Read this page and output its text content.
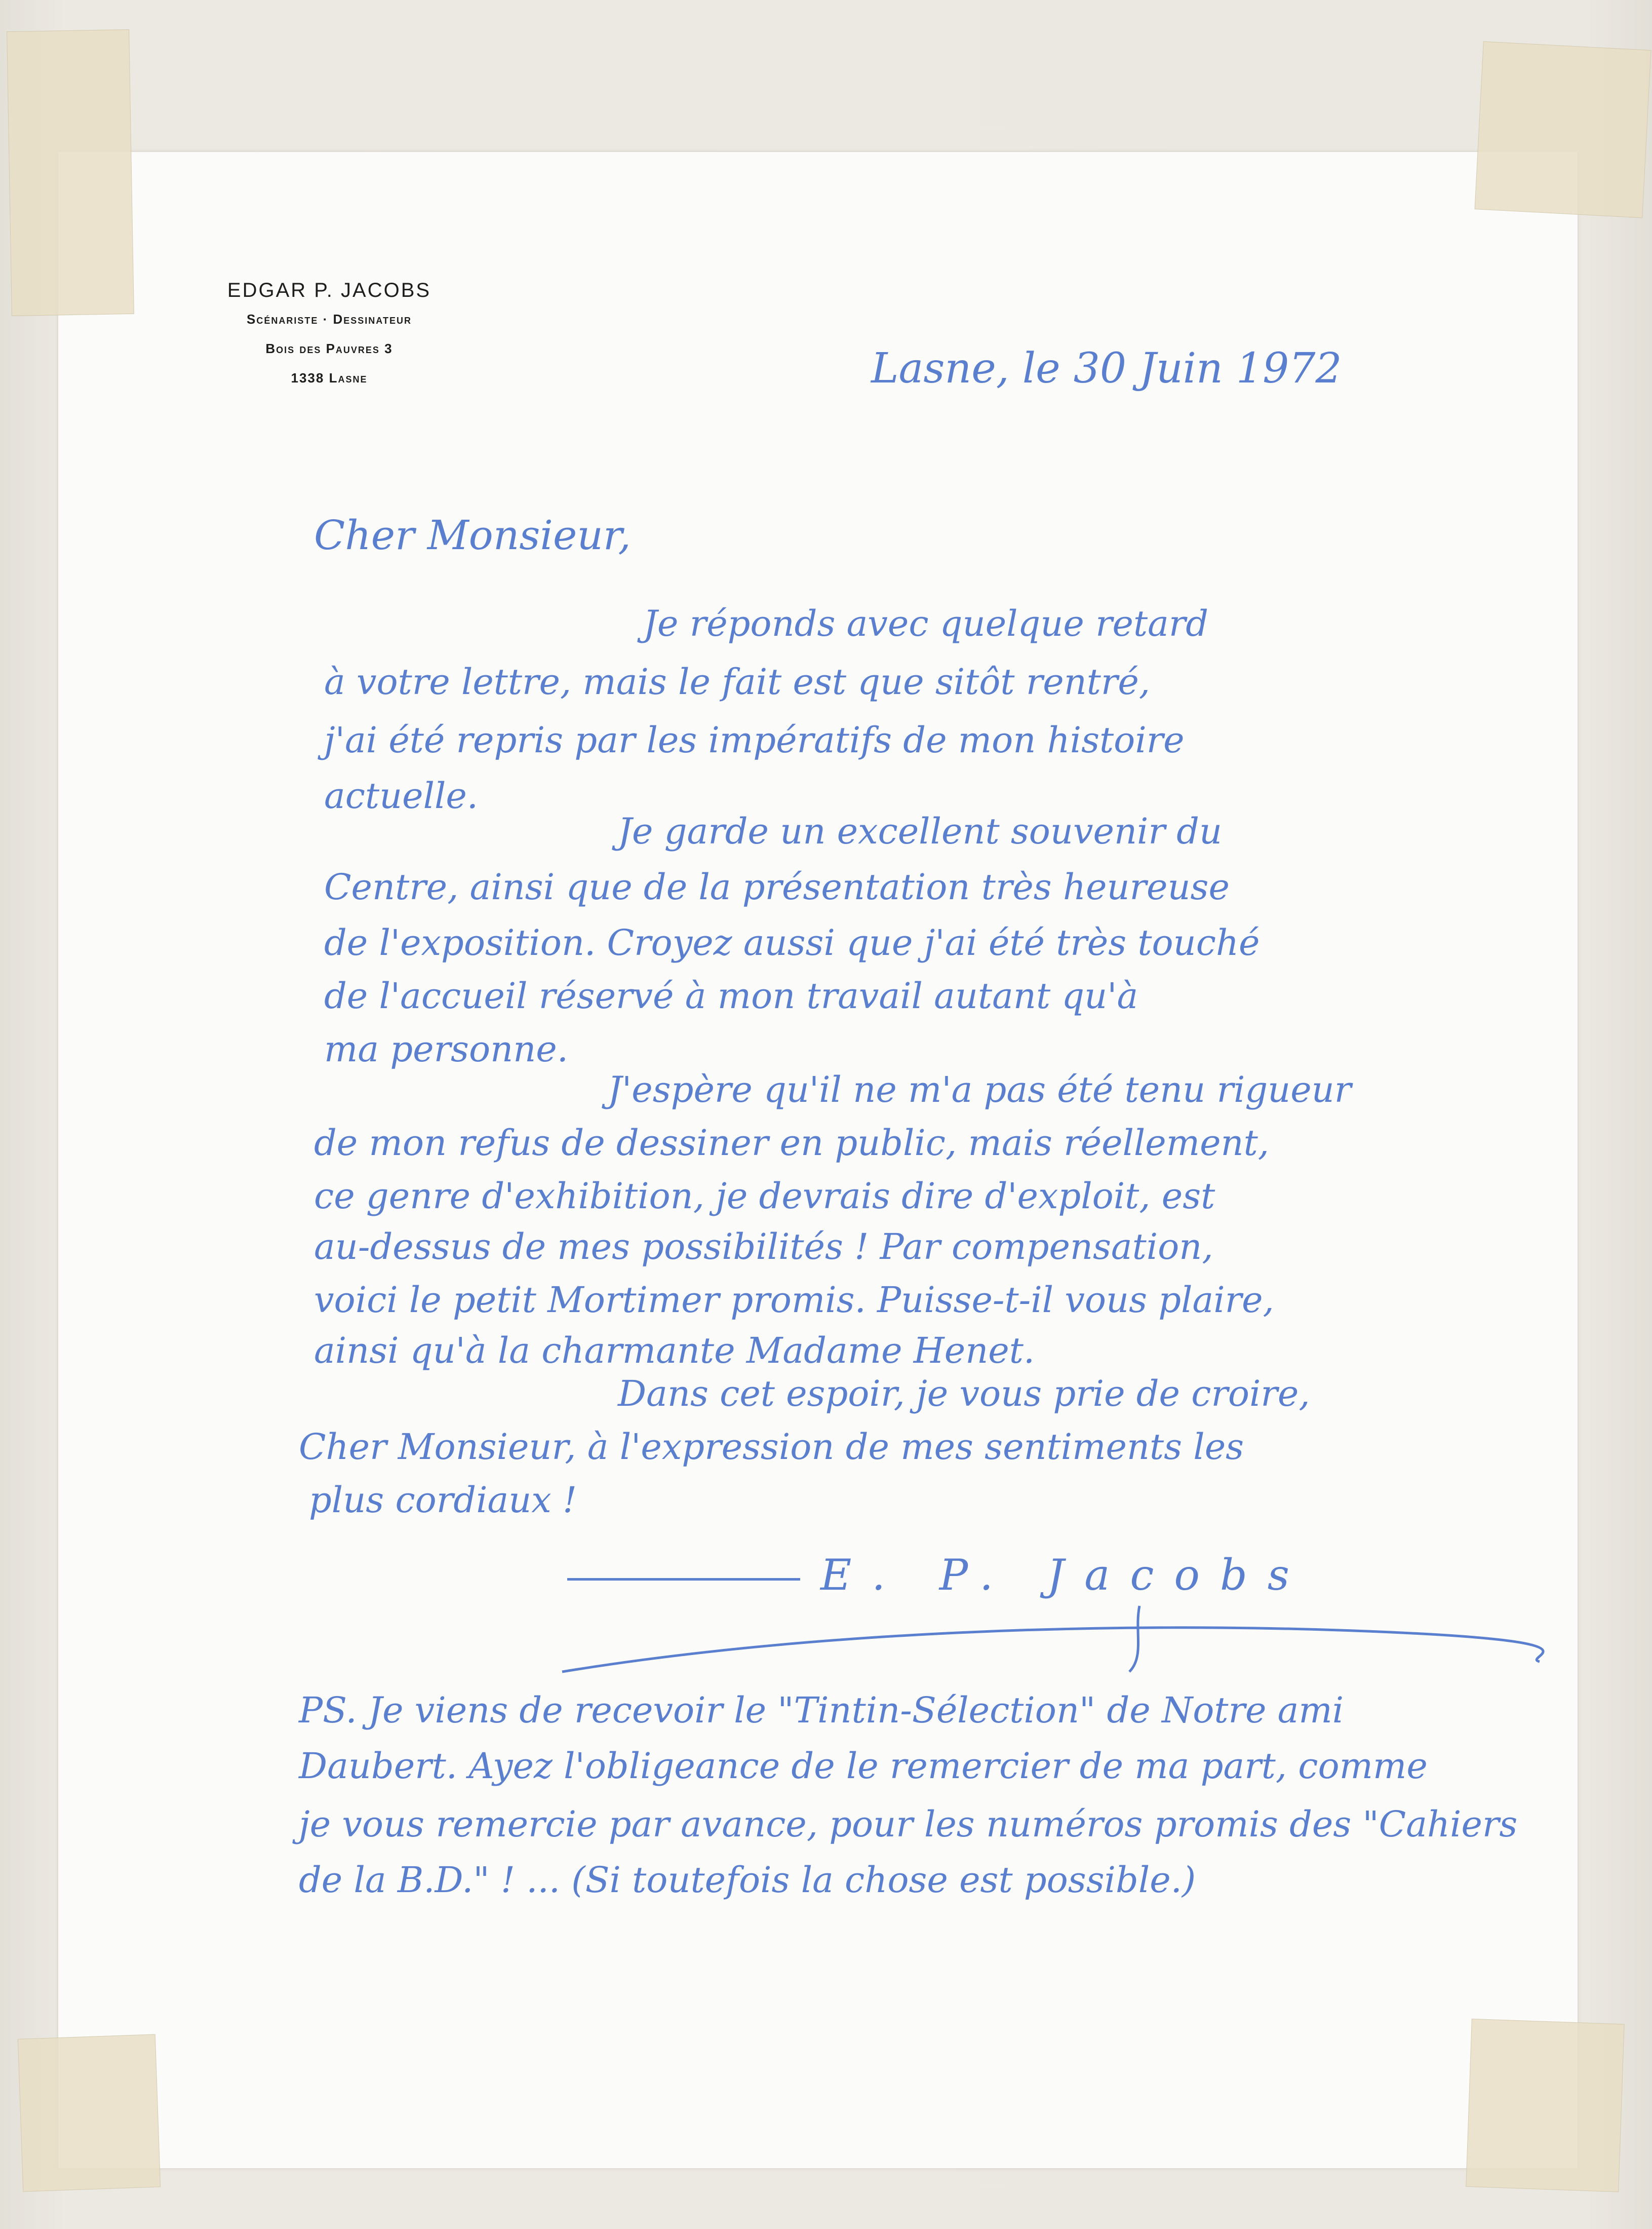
EDGAR P. JACOBS
Scénariste · Dessinateur
Bois des Pauvres 3
1338 Lasne	Lasne, le 30 Juin 1972
Cher Monsieur,
Je réponds avec quelque retard
à votre lettre, mais le fait est que sitôt rentré,
j'ai été repris par les impératifs de mon histoire
actuelle.
Je garde un excellent souvenir du
Centre, ainsi que de la présentation très heureuse
de l'exposition. Croyez aussi que j'ai été très touché
de l'accueil réservé à mon travail autant qu'à
ma personne.
J'espère qu'il ne m'a pas été tenu rigueur
de mon refus de dessiner en public, mais réellement,
ce genre d'exhibition, je devrais dire d'exploit, est
au-dessus de mes possibilités ! Par compensation,
voici le petit Mortimer promis. Puisse-t-il vous plaire,
ainsi qu'à la charmante Madame Henet.
Dans cet espoir, je vous prie de croire,
Cher Monsieur, à l'expression de mes sentiments les
plus cordiaux !
E. P. Jacobs
PS. Je viens de recevoir le "Tintin-Sélection" de Notre ami
Daubert. Ayez l'obligeance de le remercier de ma part, comme
je vous remercie par avance, pour les numéros promis des "Cahiers
de la B.D." ! ... (Si toutefois la chose est possible.)
